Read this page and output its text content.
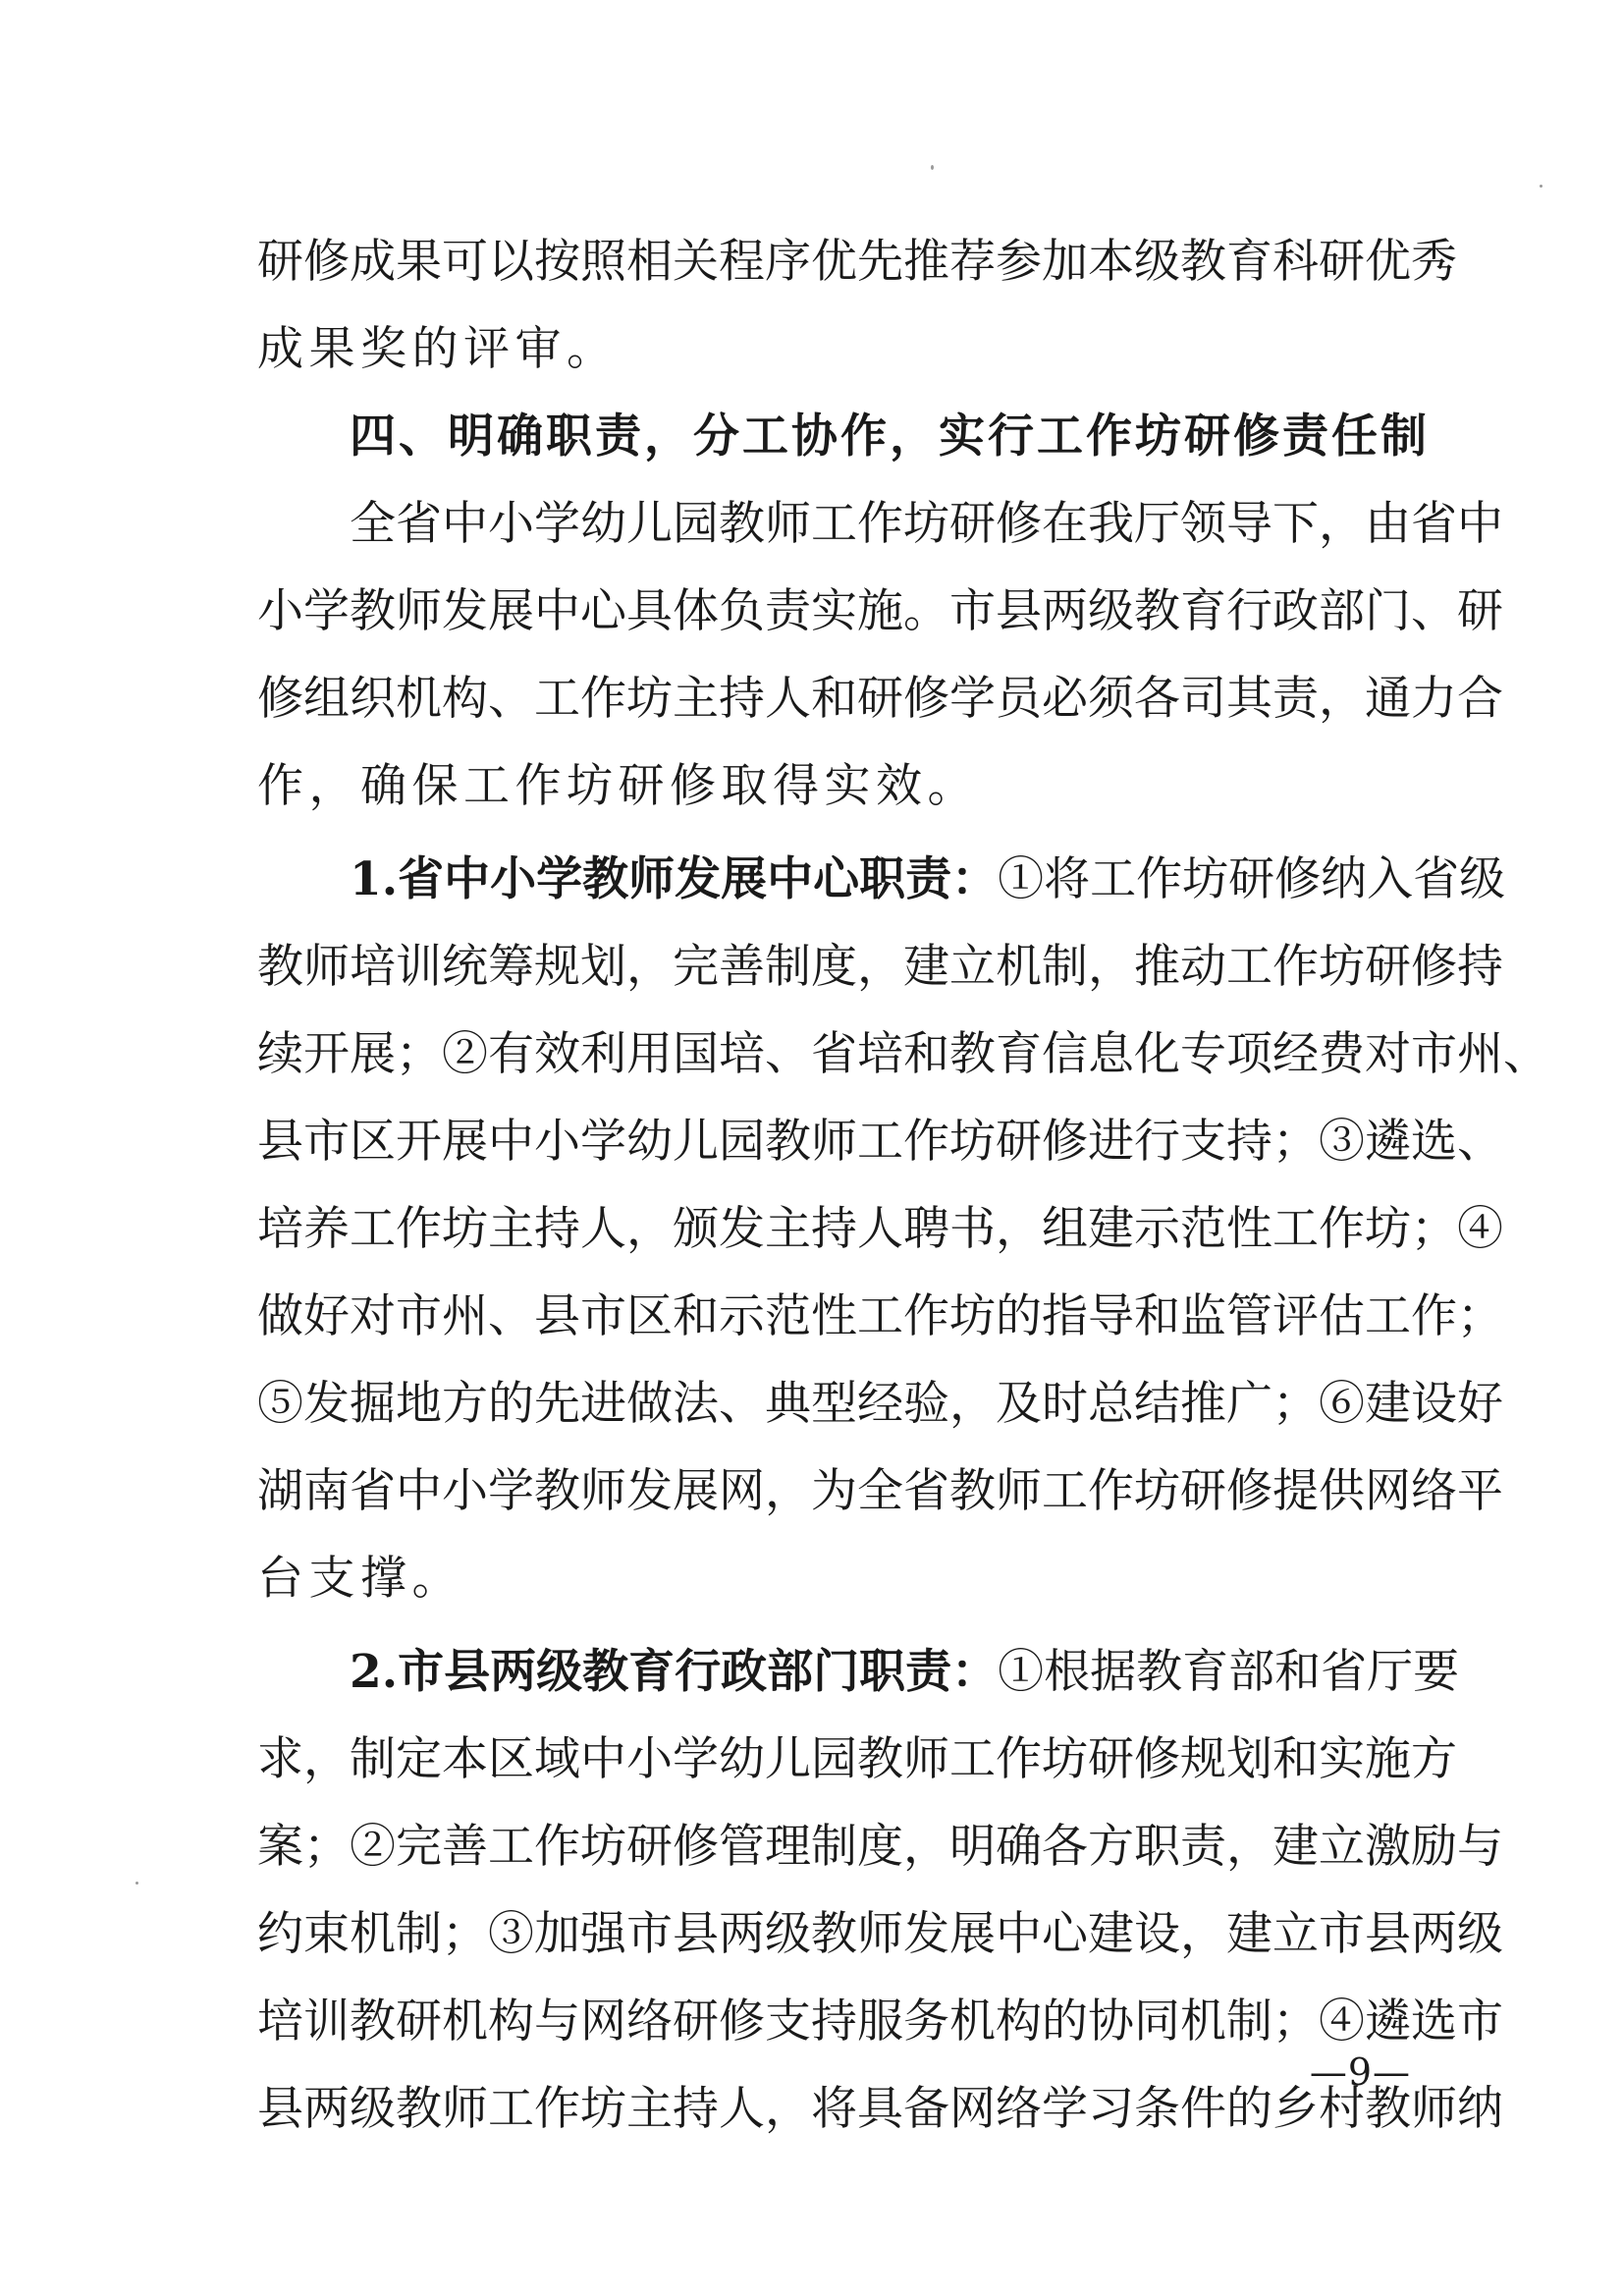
研修成果可以按照相关程序优先推荐参加本级教育科研优秀
成果奖的评审。
四、明确职责，分工协作，实行工作坊研修责任制
全省中小学幼儿园教师工作坊研修在我厅领导下，由省中
小学教师发展中心具体负责实施。市县两级教育行政部门、研
修组织机构、工作坊主持人和研修学员必须各司其责，通力合
作，确保工作坊研修取得实效。
1.省中小学教师发展中心职责：①将工作坊研修纳入省级
教师培训统筹规划，完善制度，建立机制，推动工作坊研修持
续开展；②有效利用国培、省培和教育信息化专项经费对市州、
县市区开展中小学幼儿园教师工作坊研修进行支持；③遴选、
培养工作坊主持人，颁发主持人聘书，组建示范性工作坊；④
做好对市州、县市区和示范性工作坊的指导和监管评估工作；
⑤发掘地方的先进做法、典型经验，及时总结推广；⑥建设好
湖南省中小学教师发展网，为全省教师工作坊研修提供网络平
台支撑。
2.市县两级教育行政部门职责：①根据教育部和省厅要
求，制定本区域中小学幼儿园教师工作坊研修规划和实施方
案；②完善工作坊研修管理制度，明确各方职责，建立激励与
约束机制；③加强市县两级教师发展中心建设，建立市县两级
培训教研机构与网络研修支持服务机构的协同机制；④遴选市
县两级教师工作坊主持人，将具备网络学习条件的乡村教师纳
—9—
